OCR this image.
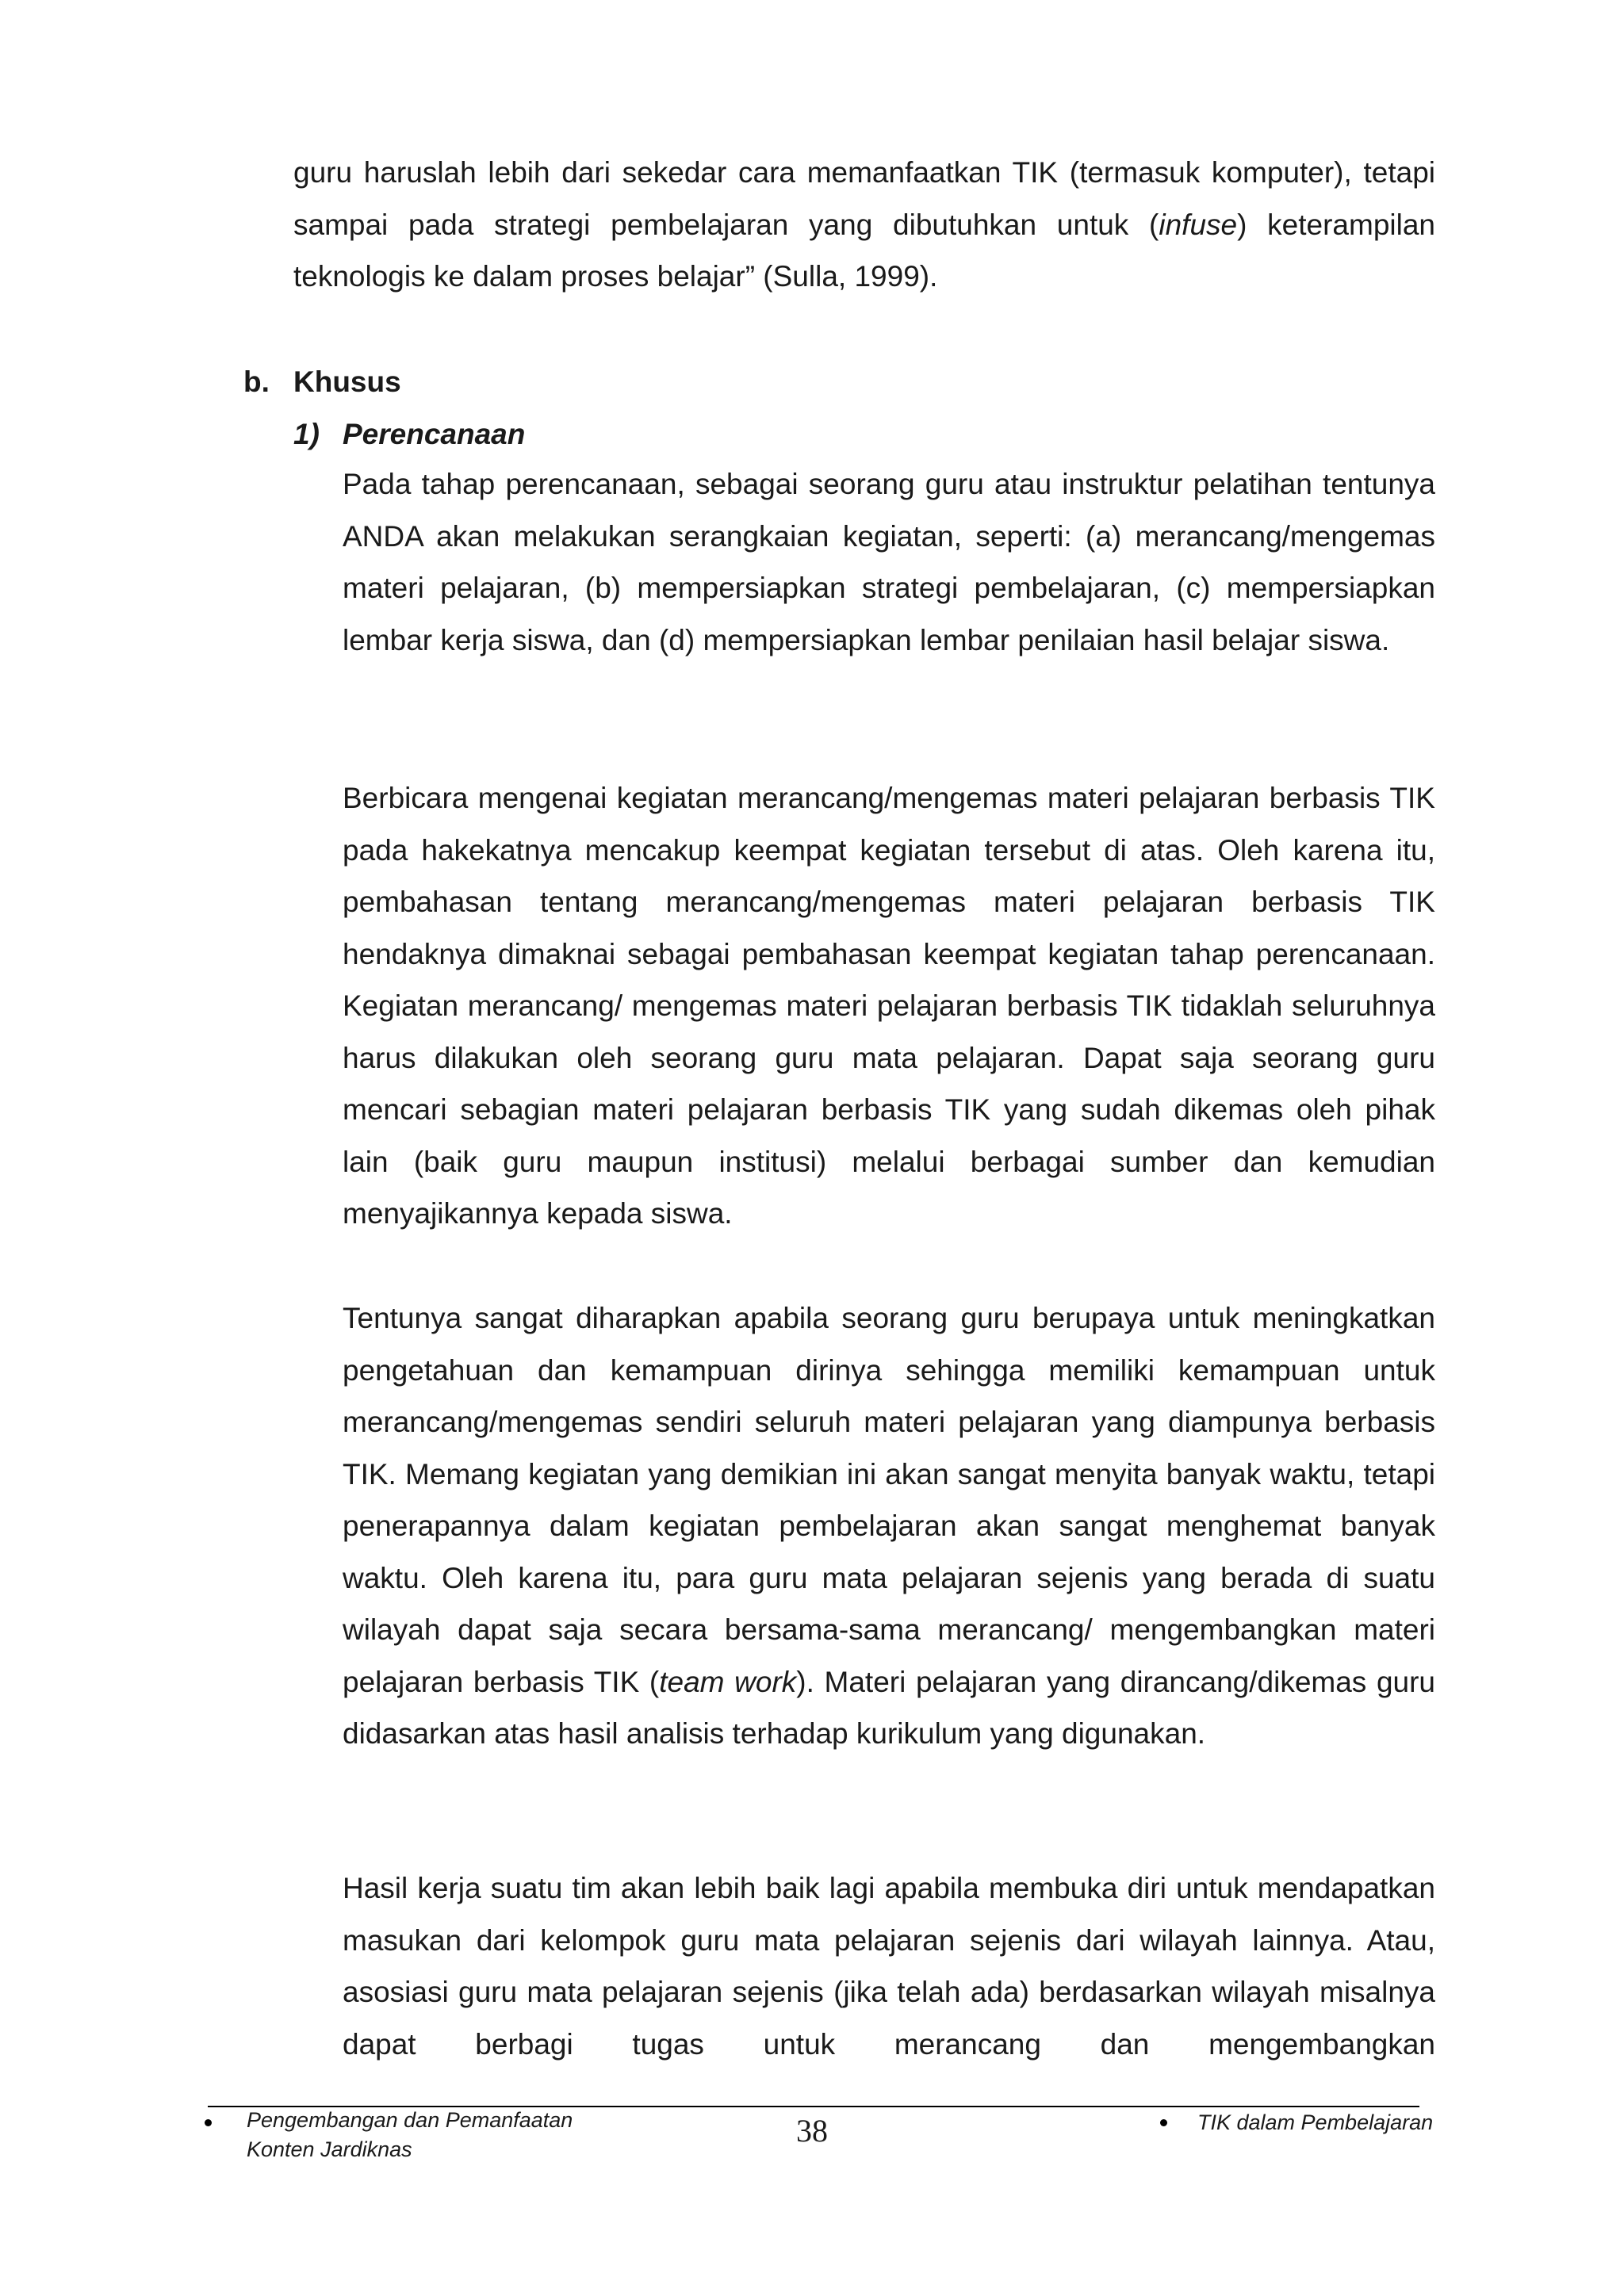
guru haruslah lebih dari sekedar cara memanfaatkan TIK (termasuk komputer), tetapi sampai pada strategi pembelajaran yang dibutuhkan untuk (infuse) keterampilan teknologis ke dalam proses belajar” (Sulla, 1999).

b. Khusus
1) Perencanaan

Pada tahap perencanaan, sebagai seorang guru atau instruktur pelatihan tentunya ANDA akan melakukan serangkaian kegiatan, seperti: (a) merancang/mengemas materi pelajaran, (b) mempersiapkan strategi pembelajaran, (c) mempersiapkan lembar kerja siswa, dan (d) mempersiapkan lembar penilaian hasil belajar siswa.

Berbicara mengenai kegiatan merancang/mengemas materi pelajaran berbasis TIK pada hakekatnya mencakup keempat kegiatan tersebut di atas. Oleh karena itu, pembahasan tentang merancang/mengemas materi pelajaran berbasis TIK hendaknya dimaknai sebagai pembahasan keempat kegiatan tahap perencanaan. Kegiatan merancang/ mengemas materi pelajaran berbasis TIK tidaklah seluruhnya harus dilakukan oleh seorang guru mata pelajaran. Dapat saja seorang guru mencari sebagian materi pelajaran berbasis TIK yang sudah dikemas oleh pihak lain (baik guru maupun institusi) melalui berbagai sumber dan kemudian menyajikannya kepada siswa.

Tentunya sangat diharapkan apabila seorang guru berupaya untuk meningkatkan pengetahuan dan kemampuan dirinya sehingga memiliki kemampuan untuk merancang/mengemas sendiri seluruh materi pelajaran yang diampunya berbasis TIK. Memang kegiatan yang demikian ini akan sangat menyita banyak waktu, tetapi penerapannya dalam kegiatan pembelajaran akan sangat menghemat banyak waktu. Oleh karena itu, para guru mata pelajaran sejenis yang berada di suatu wilayah dapat saja secara bersama-sama merancang/ mengembangkan materi pelajaran berbasis TIK (team work). Materi pelajaran yang dirancang/dikemas guru didasarkan atas hasil analisis terhadap kurikulum yang digunakan.

Hasil kerja suatu tim akan lebih baik lagi apabila membuka diri untuk mendapatkan masukan dari kelompok guru mata pelajaran sejenis dari wilayah lainnya. Atau, asosiasi guru mata pelajaran sejenis (jika telah ada) berdasarkan wilayah misalnya dapat berbagi tugas untuk merancang dan mengembangkan

Pengembangan dan Pemanfaatan
Konten Jardiknas
38	TIK dalam Pembelajaran
